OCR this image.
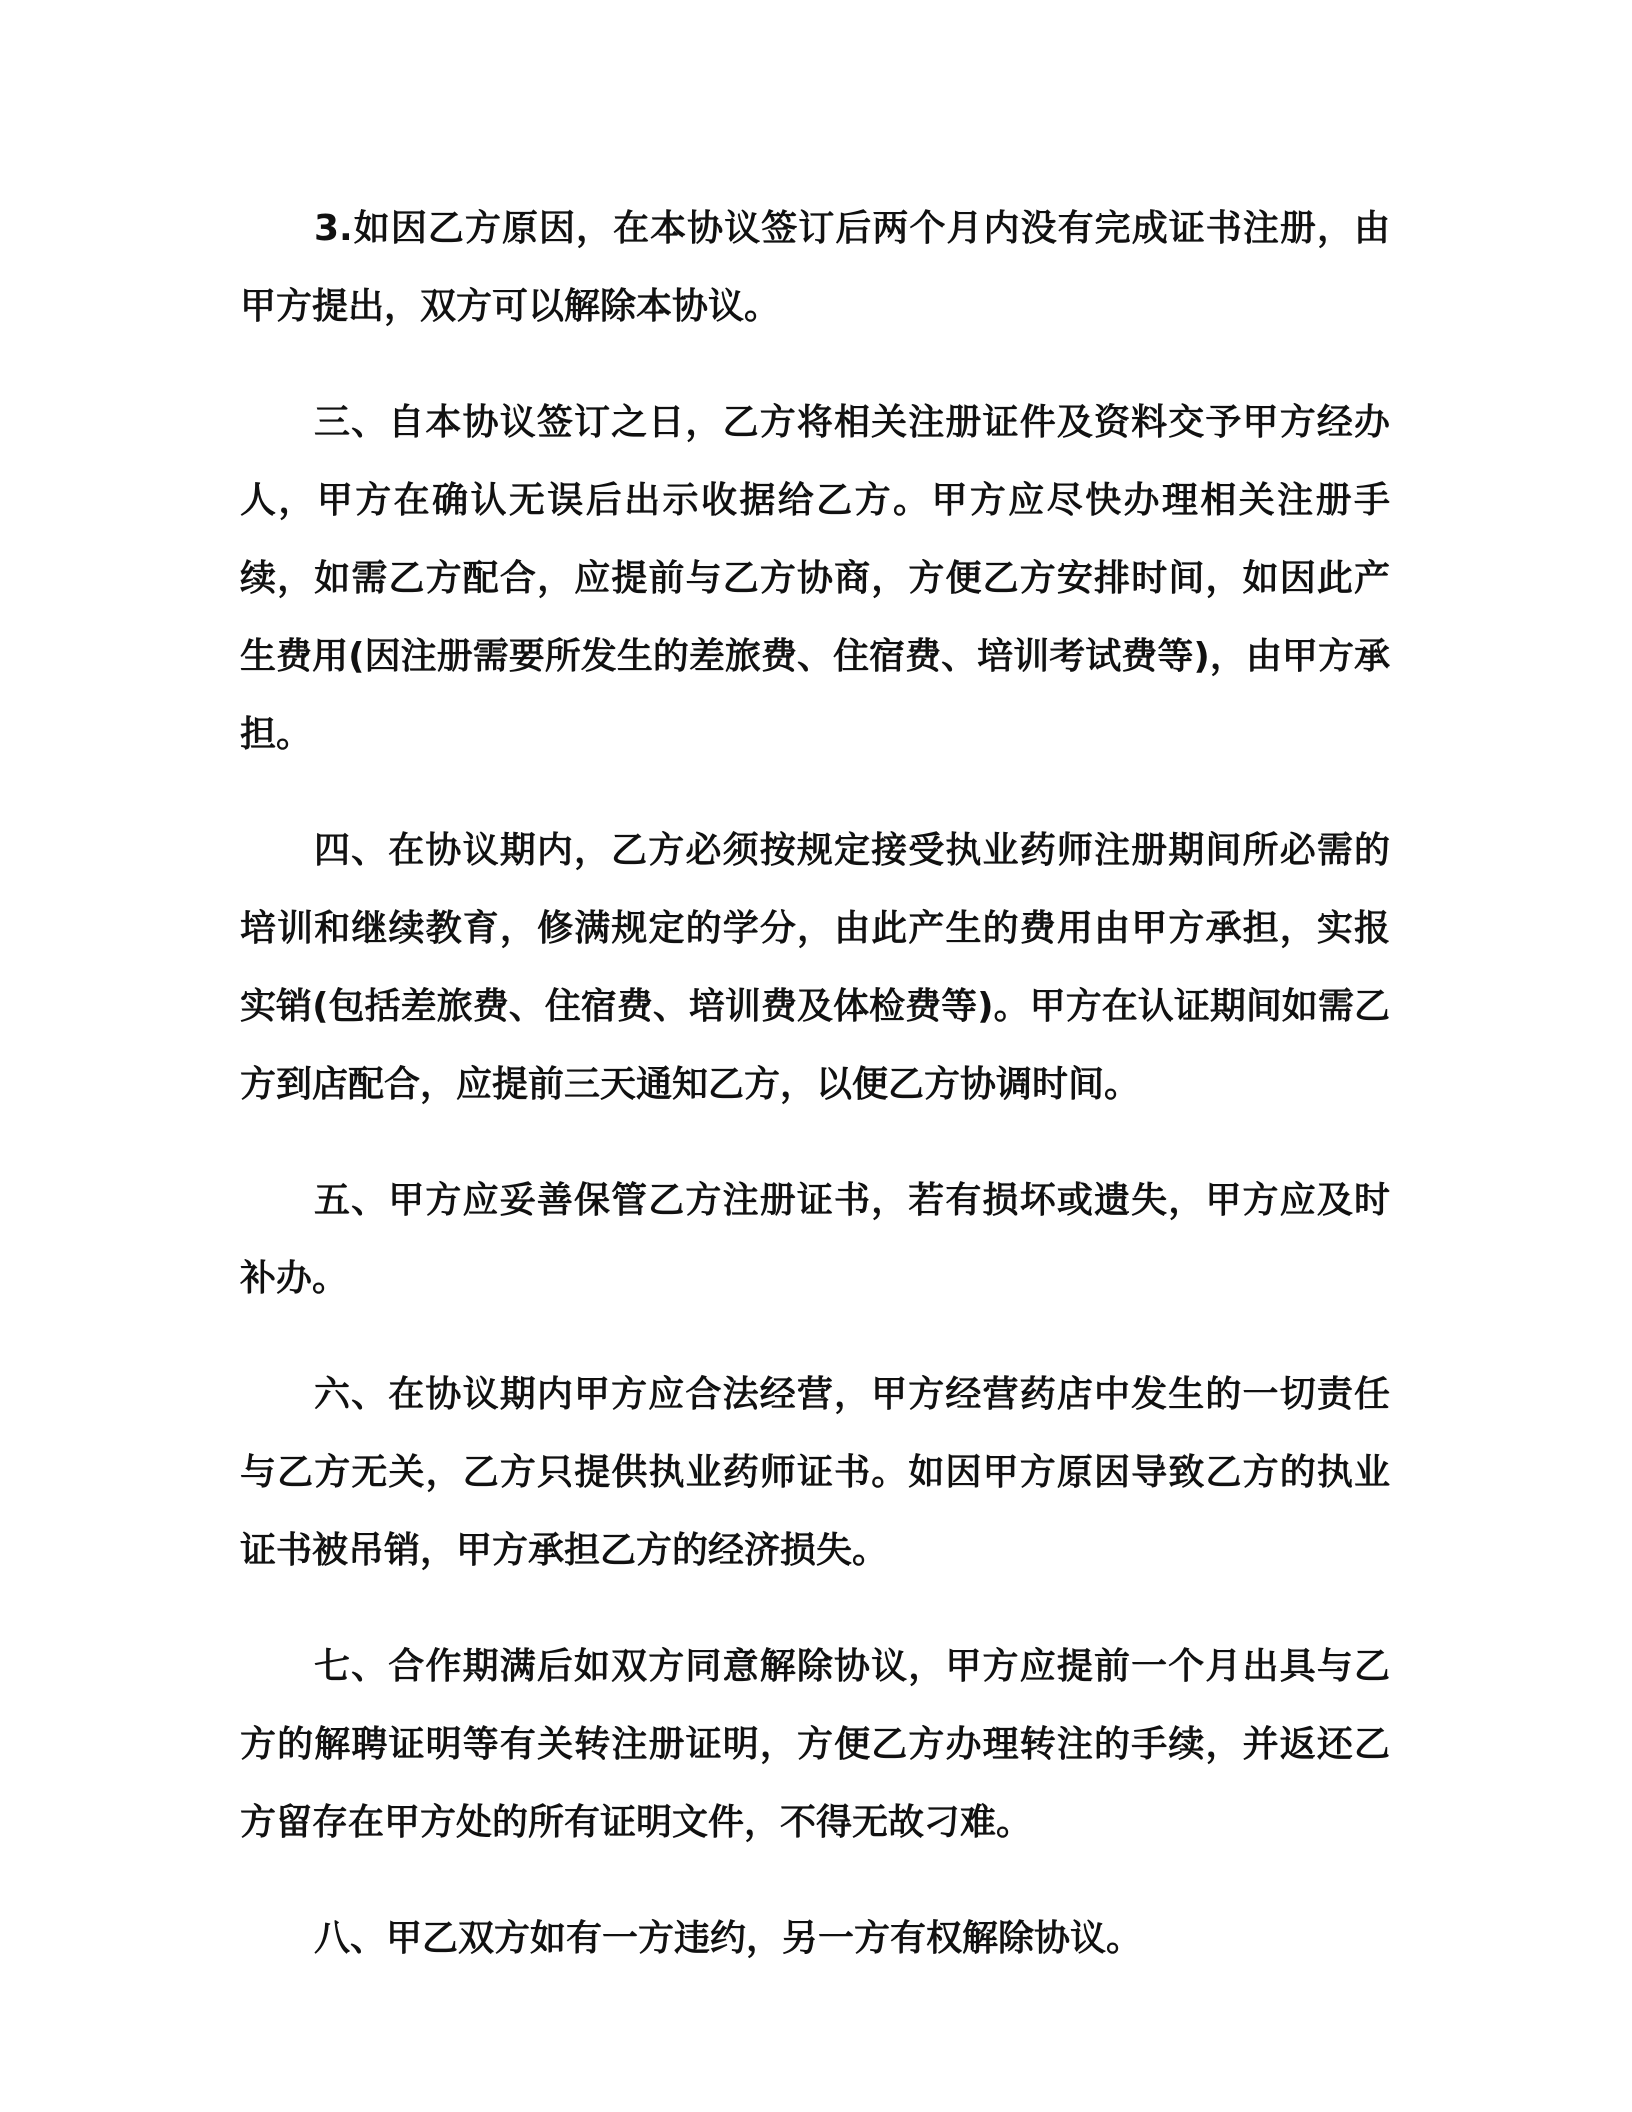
3.如因乙方原因，在本协议签订后两个月内没有完成证书注册，由甲方提出，双方可以解除本协议。

三、自本协议签订之日，乙方将相关注册证件及资料交予甲方经办人，甲方在确认无误后出示收据给乙方。甲方应尽快办理相关注册手续，如需乙方配合，应提前与乙方协商，方便乙方安排时间，如因此产生费用(因注册需要所发生的差旅费、住宿费、培训考试费等)，由甲方承担。

四、在协议期内，乙方必须按规定接受执业药师注册期间所必需的培训和继续教育，修满规定的学分，由此产生的费用由甲方承担，实报实销(包括差旅费、住宿费、培训费及体检费等)。甲方在认证期间如需乙方到店配合，应提前三天通知乙方，以便乙方协调时间。

五、甲方应妥善保管乙方注册证书，若有损坏或遗失，甲方应及时补办。

六、在协议期内甲方应合法经营，甲方经营药店中发生的一切责任与乙方无关，乙方只提供执业药师证书。如因甲方原因导致乙方的执业证书被吊销，甲方承担乙方的经济损失。

七、合作期满后如双方同意解除协议，甲方应提前一个月出具与乙方的解聘证明等有关转注册证明，方便乙方办理转注的手续，并返还乙方留存在甲方处的所有证明文件，不得无故刁难。

八、甲乙双方如有一方违约，另一方有权解除协议。
